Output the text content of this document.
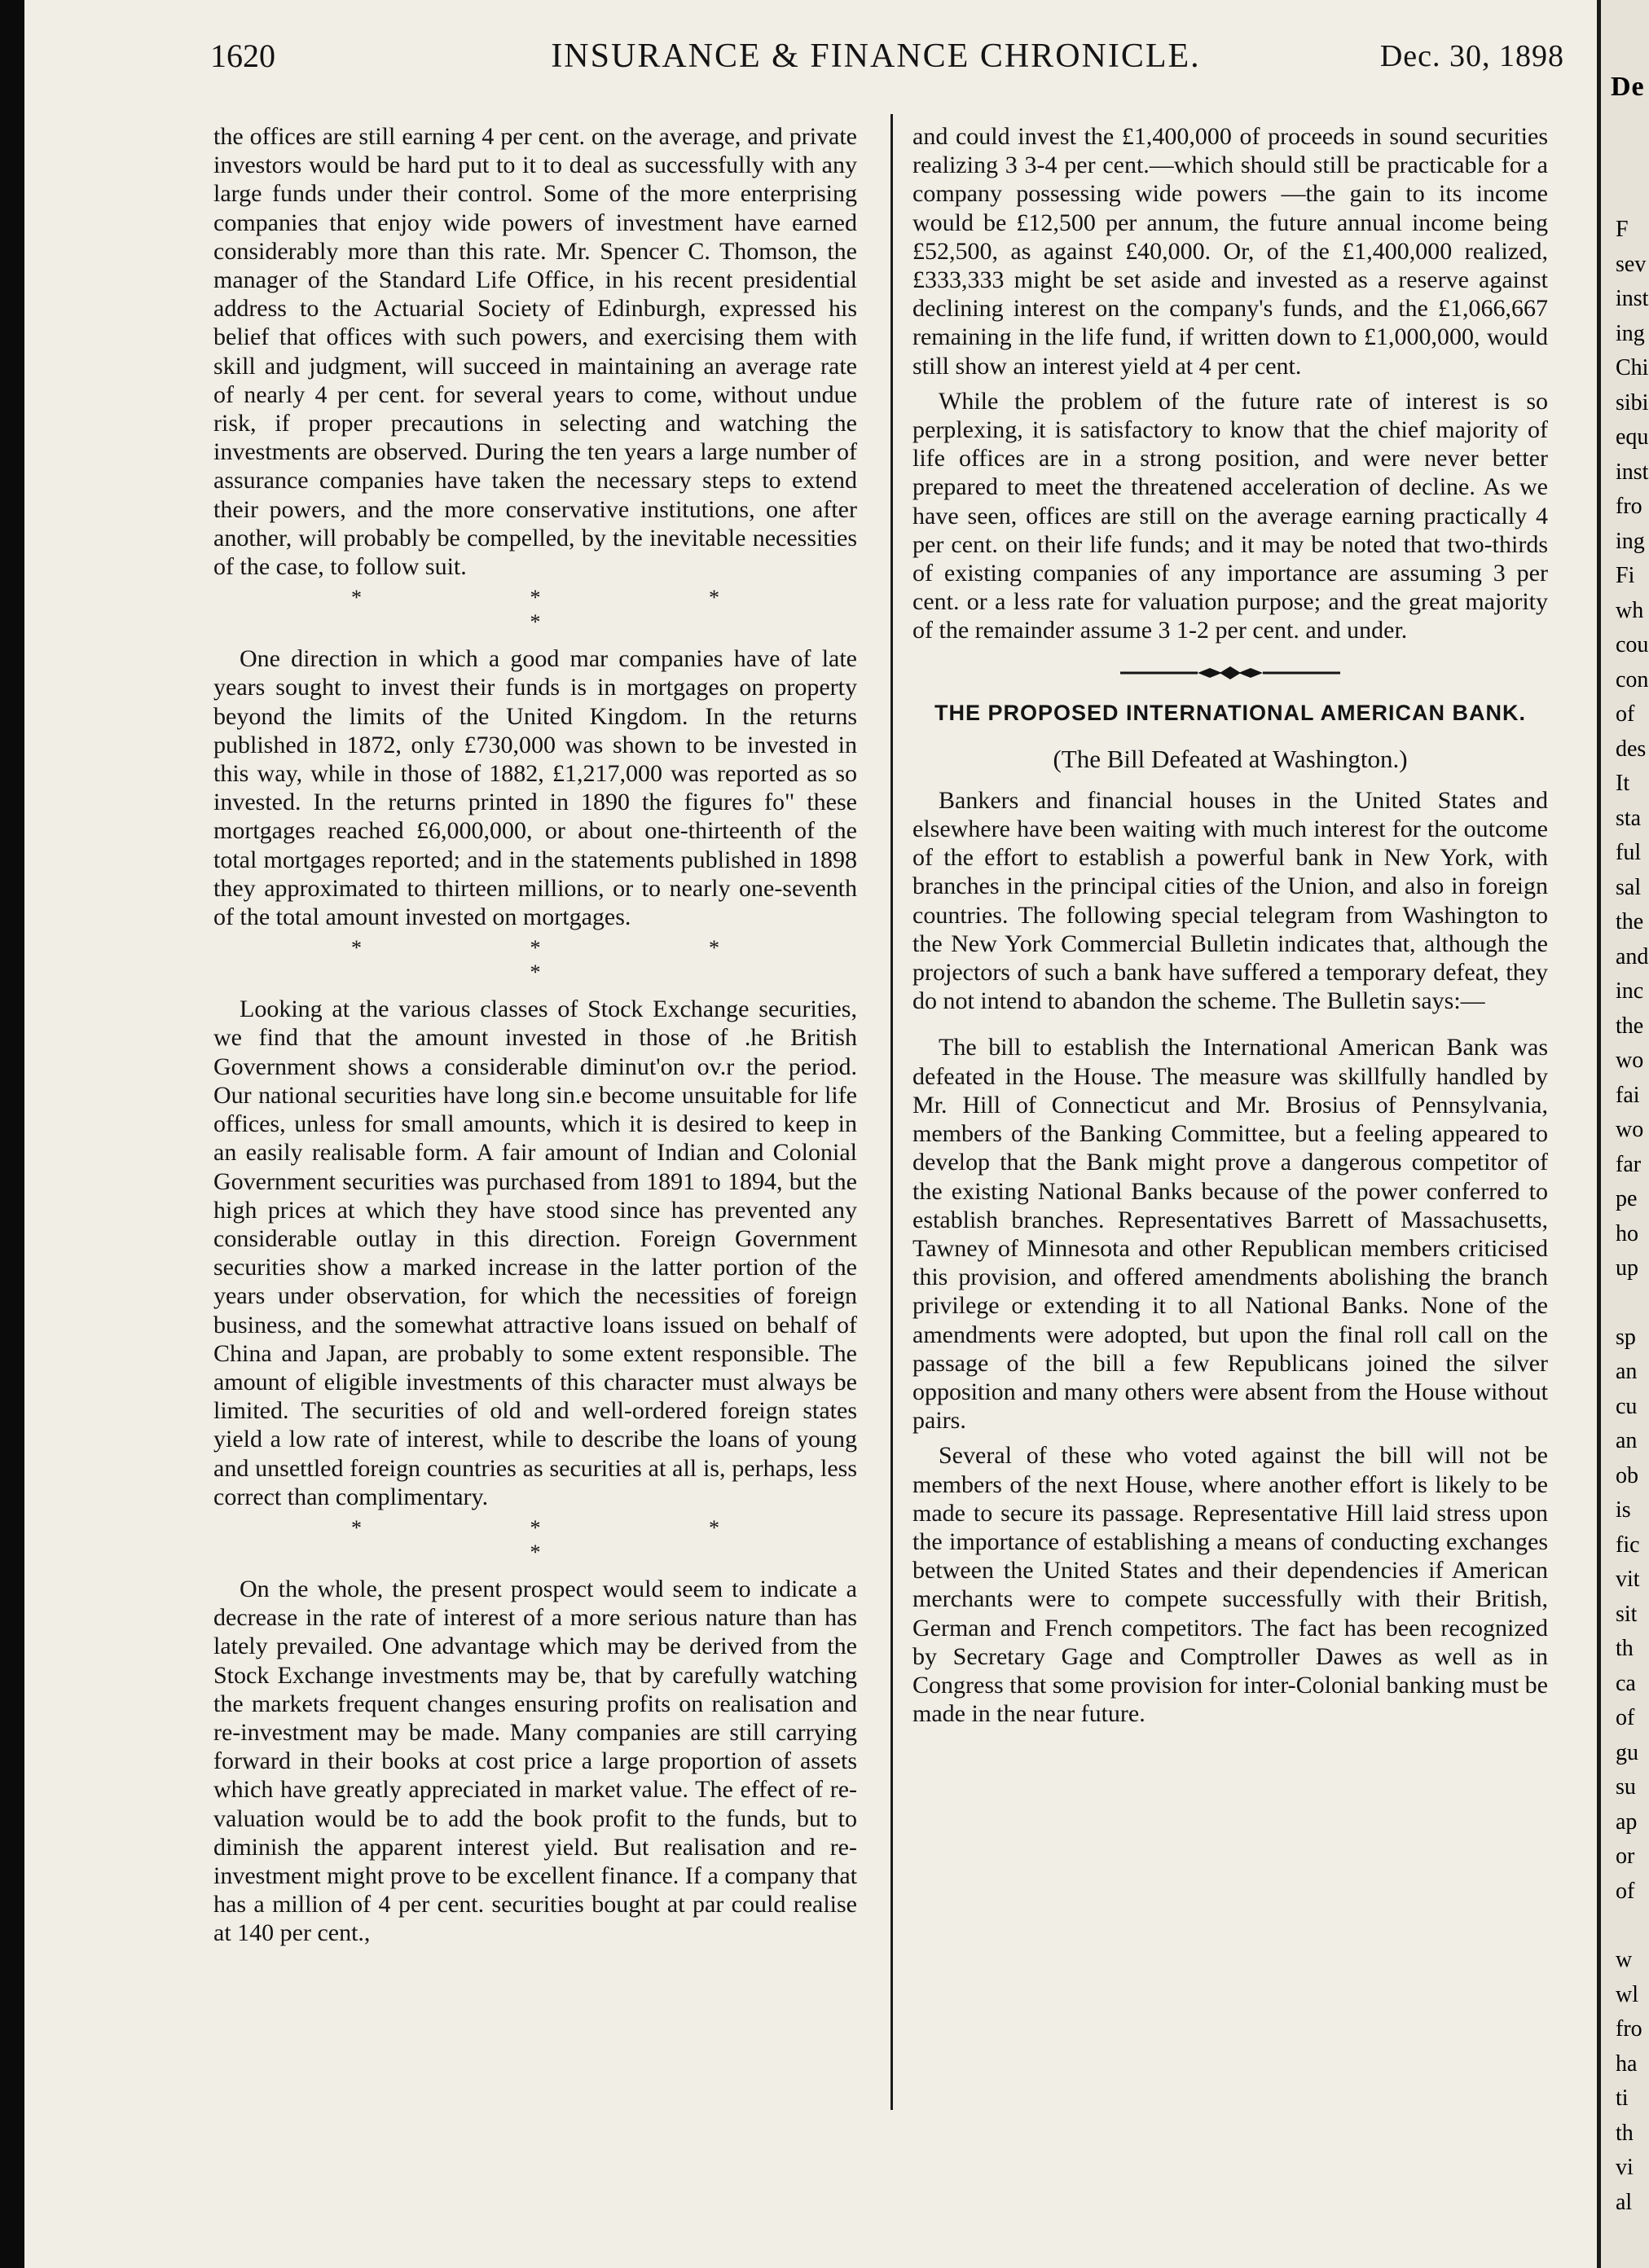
1620	INSURANCE & FINANCE CHRONICLE.	Dec. 30, 1898

the offices are still earning 4 per cent. on the average, and private investors would be hard put to it to deal as successfully with any large funds under their control. Some of the more enterprising companies that enjoy wide powers of investment have earned considerably more than this rate. Mr. Spencer C. Thomson, the manager of the Standard Life Office, in his recent presidential address to the Actuarial Society of Edinburgh, expressed his belief that offices with such powers, and exercising them with skill and judgment, will succeed in maintaining an average rate of nearly 4 per cent. for several years to come, without undue risk, if proper precautions in selecting and watching the investments are observed. During the ten years a large number of assurance companies have taken the necessary steps to extend their powers, and the more conservative institutions, one after another, will probably be compelled, by the inevitable necessities of the case, to follow suit.

* * * *

One direction in which a good mar companies have of late years sought to invest their funds is in mortgages on property beyond the limits of the United Kingdom. In the returns published in 1872, only £730,000 was shown to be invested in this way, while in those of 1882, £1,217,000 was reported as so invested. In the returns printed in 1890 the figures fo" these mortgages reached £6,000,000, or about one-thirteenth of the total mortgages reported; and in the statements published in 1898 they approximated to thirteen millions, or to nearly one-seventh of the total amount invested on mortgages.

* * * *

Looking at the various classes of Stock Exchange securities, we find that the amount invested in those of .he British Government shows a considerable diminut'on ov.r the period. Our national securities have long sin.e become unsuitable for life offices, unless for small amounts, which it is desired to keep in an easily realisable form. A fair amount of Indian and Colonial Government securities was purchased from 1891 to 1894, but the high prices at which they have stood since has prevented any considerable outlay in this direction. Foreign Government securities show a marked increase in the latter portion of the years under observation, for which the necessities of foreign business, and the somewhat attractive loans issued on behalf of China and Japan, are probably to some extent responsible. The amount of eligible investments of this character must always be limited. The securities of old and well-ordered foreign states yield a low rate of interest, while to describe the loans of young and unsettled foreign countries as securities at all is, perhaps, less correct than complimentary.

* * * *

On the whole, the present prospect would seem to indicate a decrease in the rate of interest of a more serious nature than has lately prevailed. One advantage which may be derived from the Stock Exchange investments may be, that by carefully watching the markets frequent changes ensuring profits on realisation and re-investment may be made. Many companies are still carrying forward in their books at cost price a large proportion of assets which have greatly appreciated in market value. The effect of re-valuation would be to add the book profit to the funds, but to diminish the apparent interest yield. But realisation and re-investment might prove to be excellent finance. If a company that has a million of 4 per cent. securities bought at par could realise at 140 per cent.,

and could invest the £1,400,000 of proceeds in sound securities realizing 3 3-4 per cent.—which should still be practicable for a company possessing wide powers —the gain to its income would be £12,500 per annum, the future annual income being £52,500, as against £40,000. Or, of the £1,400,000 realized, £333,333 might be set aside and invested as a reserve against declining interest on the company's funds, and the £1,066,667 remaining in the life fund, if written down to £1,000,000, would still show an interest yield at 4 per cent.

While the problem of the future rate of interest is so perplexing, it is satisfactory to know that the chief majority of life offices are in a strong position, and were never better prepared to meet the threatened acceleration of decline. As we have seen, offices are still on the average earning practically 4 per cent. on their life funds; and it may be noted that two-thirds of existing companies of any importance are assuming 3 per cent. or a less rate for valuation purpose; and the great majority of the remainder assume 3 1-2 per cent. and under.

THE PROPOSED INTERNATIONAL AMERICAN BANK.
(The Bill Defeated at Washington.)

Bankers and financial houses in the United States and elsewhere have been waiting with much interest for the outcome of the effort to establish a powerful bank in New York, with branches in the principal cities of the Union, and also in foreign countries. The following special telegram from Washington to the New York Commercial Bulletin indicates that, although the projectors of such a bank have suffered a temporary defeat, they do not intend to abandon the scheme. The Bulletin says:—

The bill to establish the International American Bank was defeated in the House. The measure was skillfully handled by Mr. Hill of Connecticut and Mr. Brosius of Pennsylvania, members of the Banking Committee, but a feeling appeared to develop that the Bank might prove a dangerous competitor of the existing National Banks because of the power conferred to establish branches. Representatives Barrett of Massachusetts, Tawney of Minnesota and other Republican members criticised this provision, and offered amendments abolishing the branch privilege or extending it to all National Banks. None of the amendments were adopted, but upon the final roll call on the passage of the bill a few Republicans joined the silver opposition and many others were absent from the House without pairs.

Several of these who voted against the bill will not be members of the next House, where another effort is likely to be made to secure its passage. Representative Hill laid stress upon the importance of establishing a means of conducting exchanges between the United States and their dependencies if American merchants were to compete successfully with their British, German and French competitors. The fact has been recognized by Secretary Gage and Comptroller Dawes as well as in Congress that some provision for inter-Colonial banking must be made in the near future.

De
F
sev
inst
ing
Chi
sibi
equ
inst
fro
ing
Fi
wh
cou
con
of
des
It
sta
ful
sal
the
and
inc
the
wo
fai
wo
far
pe
ho
up
sp
an
cu
an
ob
is
fic
vit
sit
th
ca
of
gu
su
ap
or
of
w
wl
fro
ha
ti
th
vi
al
